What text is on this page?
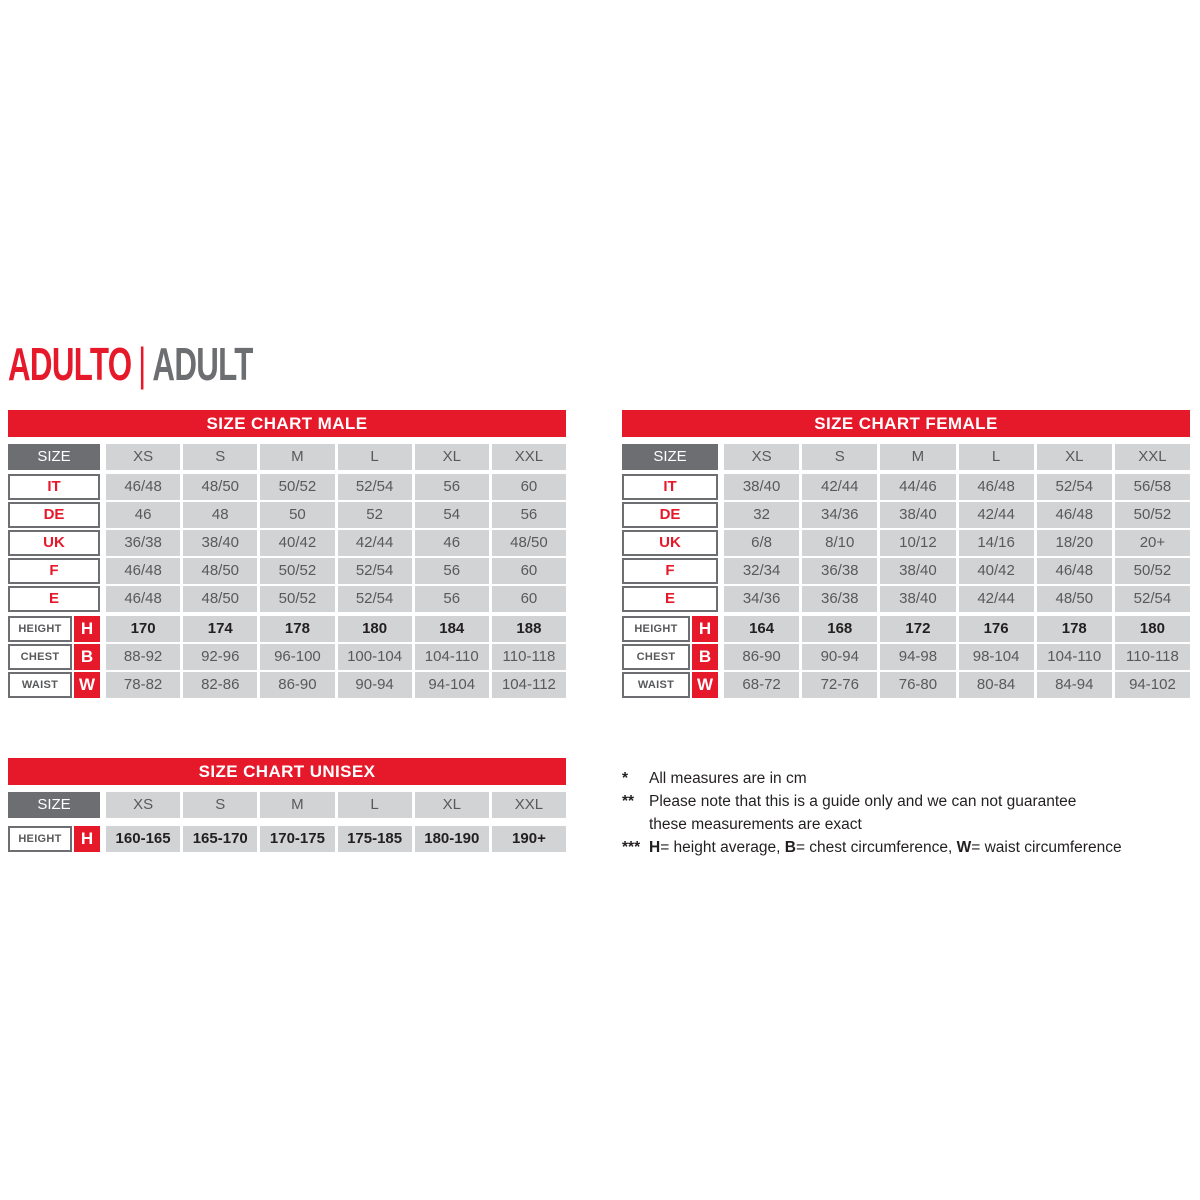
ADULTO | ADULT
SIZE CHART MALE
SIZE	XS	S	M	L	XL	XXL
IT	46/48	48/50	50/52	52/54	56	60
DE	46	48	50	52	54	56
UK	36/38	38/40	40/42	42/44	46	48/50
F	46/48	48/50	50/52	52/54	56	60
E	46/48	48/50	50/52	52/54	56	60
HEIGHT	H	170	174	178	180	184	188
CHEST	B	88-92	92-96	96-100	100-104	104-110	110-118
WAIST	W	78-82	82-86	86-90	90-94	94-104	104-112
SIZE CHART FEMALE
SIZE	XS	S	M	L	XL	XXL
IT	38/40	42/44	44/46	46/48	52/54	56/58
DE	32	34/36	38/40	42/44	46/48	50/52
UK	6/8	8/10	10/12	14/16	18/20	20+
F	32/34	36/38	38/40	40/42	46/48	50/52
E	34/36	36/38	38/40	42/44	48/50	52/54
HEIGHT	H	164	168	172	176	178	180
CHEST	B	86-90	90-94	94-98	98-104	104-110	110-118
WAIST	W	68-72	72-76	76-80	80-84	84-94	94-102
SIZE CHART UNISEX
SIZE	XS	S	M	L	XL	XXL
HEIGHT	H	160-165	165-170	170-175	175-185	180-190	190+
*	All measures are in cm
** Please note that this is a guide only and we can not guarantee
these measurements are exact
*** H= height average, B= chest circumference, W= waist circumference
